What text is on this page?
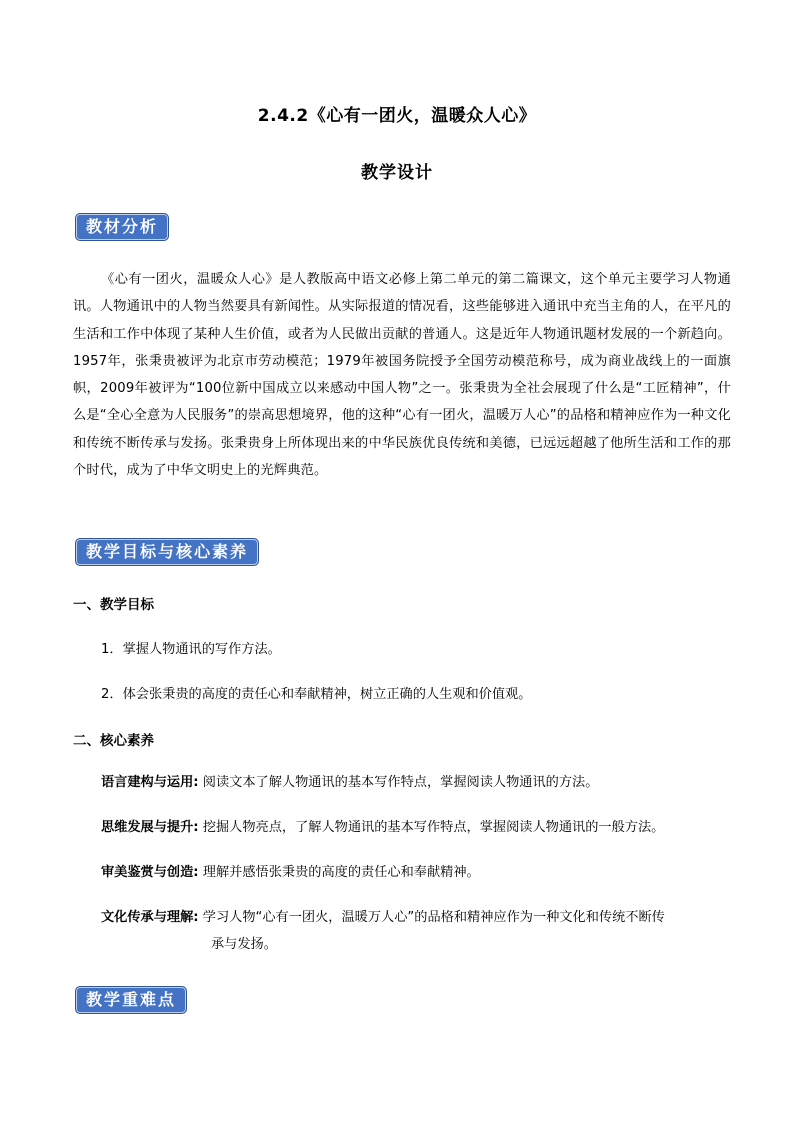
2.4.2《心有一团火，温暖众人心》
教学设计
教材分析
《心有一团火，温暖众人心》是人教版高中语文必修上第二单元的第二篇课文，这个单元主要学习人物通讯。人物通讯中的人物当然要具有新闻性。从实际报道的情况看，这些能够进入通讯中充当主角的人，在平凡的生活和工作中体现了某种人生价值，或者为人民做出贡献的普通人。这是近年人物通讯题材发展的一个新趋向。1957年，张秉贵被评为北京市劳动模范；1979年被国务院授予全国劳动模范称号，成为商业战线上的一面旗帜，2009年被评为“100位新中国成立以来感动中国人物”之一。张秉贵为全社会展现了什么是“工匠精神”，什么是“全心全意为人民服务”的崇高思想境界，他的这种“心有一团火，温暖万人心”的品格和精神应作为一种文化和传统不断传承与发扬。张秉贵身上所体现出来的中华民族优良传统和美德，已远远超越了他所生活和工作的那个时代，成为了中华文明史上的光辉典范。
教学目标与核心素养
一、教学目标
1．掌握人物通讯的写作方法。
2．体会张秉贵的高度的责任心和奉献精神，树立正确的人生观和价值观。
二、核心素养
语言建构与运用: 阅读文本了解人物通讯的基本写作特点，掌握阅读人物通讯的方法。
思维发展与提升: 挖掘人物亮点，了解人物通讯的基本写作特点，掌握阅读人物通讯的一般方法。
审美鉴赏与创造: 理解并感悟张秉贵的高度的责任心和奉献精神。
文化传承与理解: 学习人物“心有一团火，温暖万人心”的品格和精神应作为一种文化和传统不断传
承与发扬。
教学重难点
